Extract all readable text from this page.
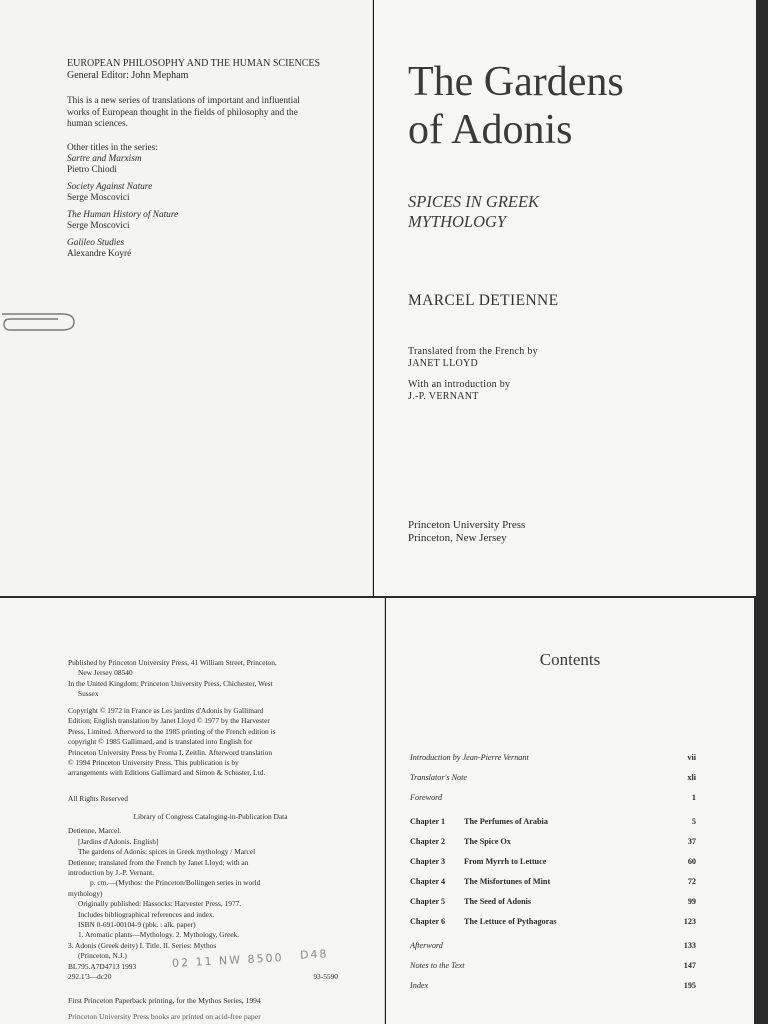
EUROPEAN PHILOSOPHY AND THE HUMAN SCIENCES
General Editor: John Mepham
This is a new series of translations of important and influential
works of European thought in the fields of philosophy and the
human sciences.
Other titles in the series:
Sartre and Marxism
Pietro Chiodi
Society Against Nature
Serge Moscovici
The Human History of Nature
Serge Moscovici
Galileo Studies
Alexandre Koyré
The Gardens
of Adonis
SPICES IN GREEK
MYTHOLOGY
MARCEL DETIENNE
Translated from the French by
JANET LLOYD
With an introduction by
J.-P. VERNANT
Princeton University Press
Princeton, New Jersey
Published by Princeton University Press, 41 William Street, Princeton,
New Jersey 08540
In the United Kingdom: Princeton University Press, Chichester, West
Sussex
Copyright © 1972 in France as Les jardins d'Adonis by Gallimard
Edition; English translation by Janet Lloyd © 1977 by the Harvester
Press, Limited. Afterword to the 1985 printing of the French edition is
copyright © 1985 Gallimard, and is translated into English for
Princeton University Press by Froma I. Zeitlin. Afterword translation
© 1994 Princeton University Press. This publication is by
arrangements with Editions Gallimard and Simon & Schuster, Ltd.
All Rights Reserved
Library of Congress Cataloging-in-Publication Data
Detienne, Marcel.
[Jardins d'Adonis. English]
The gardens of Adonis: spices in Greek mythology / Marcel
Detienne; translated from the French by Janet Lloyd; with an
introduction by J.-P. Vernant.
p. cm.—(Mythos: the Princeton/Bollingen series in world
mythology)
Originally published: Hassocks: Harvester Press, 1977.
Includes bibliographical references and index.
ISBN 0-691-00104-9 (pbk. : alk. paper)
1. Aromatic plants—Mythology. 2. Mythology, Greek.
3. Adonis (Greek deity) I. Title. II. Series: Mythos
(Princeton, N.J.)
BL795.A7D4713 1993
292.1'3—dc20	93-5590
02 11 NW 8500 D48
First Princeton Paperback printing, for the Mythos Series, 1994
Princeton University Press books are printed on acid-free paper
Contents
Introduction by Jean-Pierre Vernant	vii
Translator's Note	xli
Foreword	1
Chapter 1 The Perfumes of Arabia	5
Chapter 2 The Spice Ox	37
Chapter 3 From Myrrh to Lettuce	60
Chapter 4 The Misfortunes of Mint	72
Chapter 5 The Seed of Adonis	99
Chapter 6 The Lettuce of Pythagoras	123
Afterword	133
Notes to the Text	147
Index	195
